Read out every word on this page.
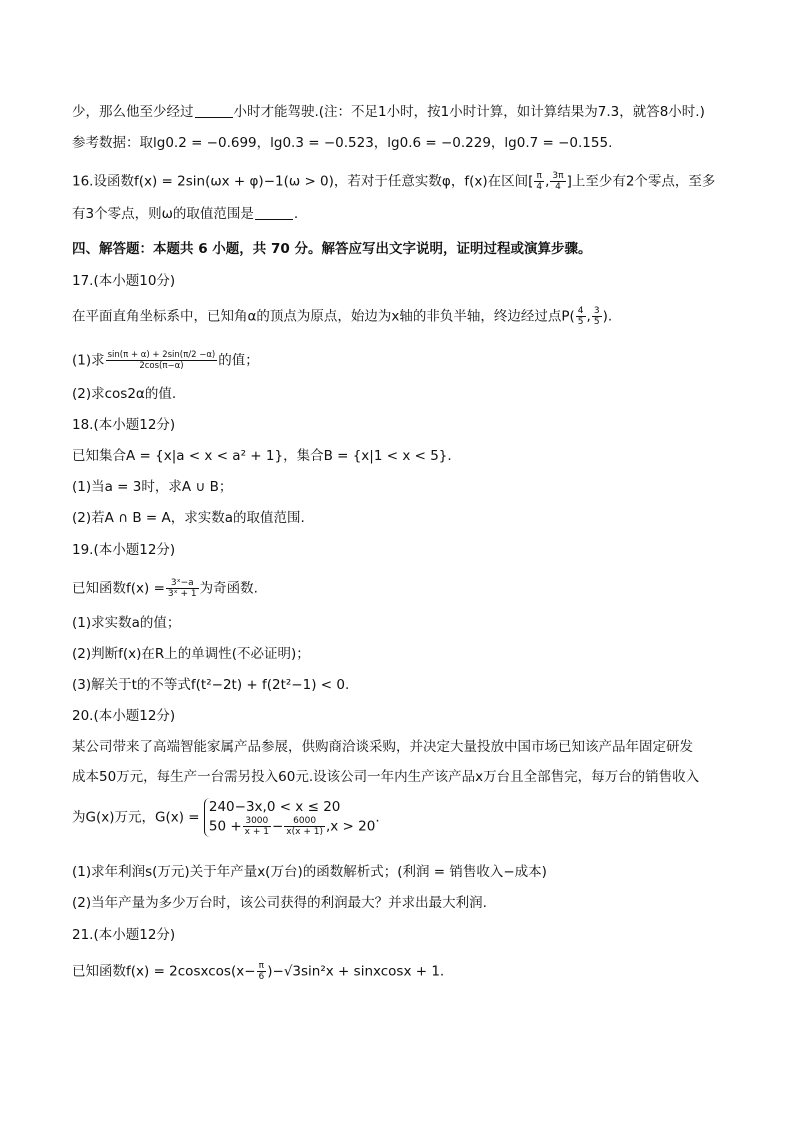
少，那么他至少经过	小时才能驾驶.(注：不足1小时，按1小时计算，如计算结果为7.3，就答8小时.)
参考数据：取lg0.2 = −0.699，lg0.3 = −0.523，lg0.6 = −0.229，lg0.7 = −0.155.
16.设函数f(x) = 2sin(ωx + φ)−1(ω > 0)，若对于任意实数φ，f(x)在区间[ $\frac{\pi}{4}$ , $\frac{3\pi}{4}$ ]上至少有2个零点，至多
有3个零点，则ω的取值范围是	.
四、解答题：本题共 6 小题，共 70 分。解答应写出文字说明，证明过程或演算步骤。
17.(本小题10分)
在平面直角坐标系中，已知角α的顶点为原点，始边为x轴的非负半轴，终边经过点$P( \frac{4}{5}$ , $\frac{3}{5}$ ).
(1)求 $\frac{\sin(\pi + \alpha) + 2\sin(\pi/2 -\alpha)}{2\cos(\pi-\alpha)}$ 的值；
(2)求cos2α的值.
18.(本小题12分)
已知集合A = {x|a < x < a² + 1}，集合B = {x|1 < x < 5}.
(1)当a = 3时，求A ∪ B；
(2)若A ∩ B = A，求实数a的取值范围.
19.(本小题12分)
已知函数$f(x) = \frac{\text{3ˣ−a}}{\text{3ˣ + 1}}$ 为奇函数.
(1)求实数a的值；
(2)判断f(x)在R上的单调性(不必证明)；
(3)解关于t的不等式f(t²−2t) + f(2t²−1) < 0.
20.(本小题12分)
某公司带来了高端智能家属产品参展，供购商洽谈采购，并决定大量投放中国市场已知该产品年固定研发
成本50万元，每生产一台需另投入60元.设该公司一年内生产该产品x万台且全部售完，每万台的销售收入
为G(x)万元，G(x) =
240−3x,0 < x ≤ 20
$50 + \frac{3000}{x + 1} - \frac{6000}{x(x + 1)} ,x > 20$
.
(1)求年利润s(万元)关于年产量x(万台)的函数解析式；(利润 = 销售收入−成本)
(2)当年产量为多少万台时，该公司获得的利润最大？并求出最大利润.
21.(本小题12分)
已知函数f(x) = 2cosxcos(x− $\frac{\pi}{6} )-√3\sin^2x$ + sinxcosx + 1.
